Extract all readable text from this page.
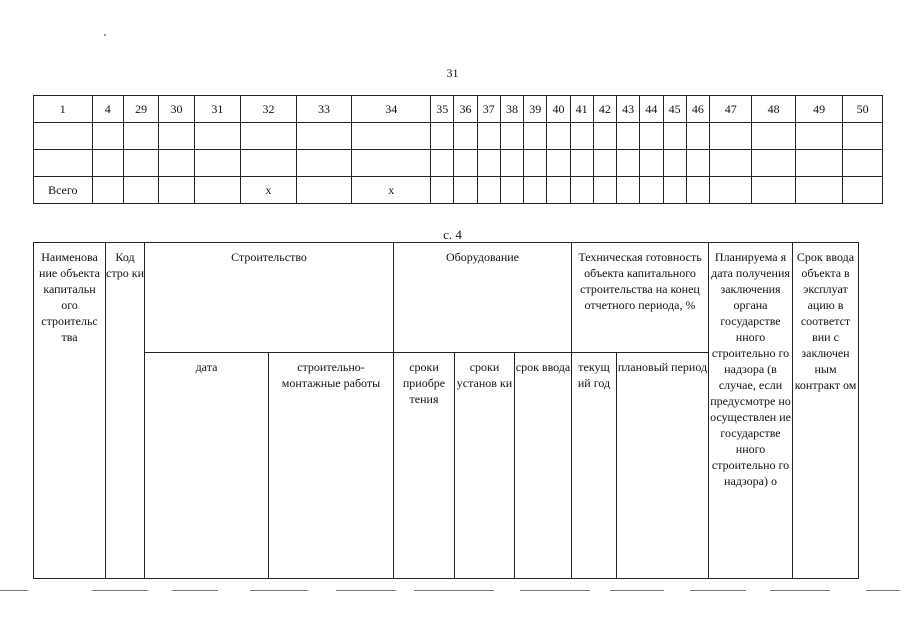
31
1	4	29	30	31	32	33	34	35	36	37	38	39	40	41	42	43	44	45	46	47	48	49	50

Всего					x		x																
с. 4
Наименова ние объекта капитальн ого строительс тва	Код стро ки	Строительство		Оборудование			Техническая готовность объекта капитального строительства на конец отчетного периода, %		Планируема я дата получения заключения органа государстве нного строительно го надзора (в случае, если предусмотре но осуществлен ие государстве нного строительно го надзора) о	Срок ввода объекта в эксплуат ацию в соответст вии с заключен ным контракт ом
		дата	строительно- монтажные работы	сроки приобре тения	сроки установ ки	срок ввода	текущ ий год	плановый период		
